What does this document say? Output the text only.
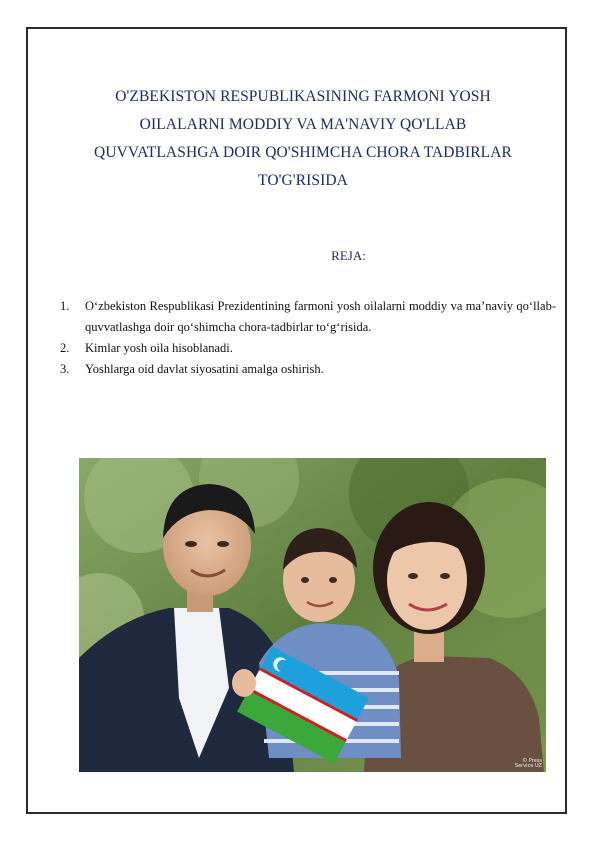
O'ZBEKISTON RESPUBLIKASINING FARMONI YOSH
OILALARNI MODDIY VA MA'NAVIY QO'LLAB
QUVVATLASHGA DOIR QO'SHIMCHA CHORA TADBIRLAR
TO'G'RISIDA
REJA:
1. O‘zbekiston Respublikasi Prezidentining farmoni yosh oilalarni moddiy va ma’naviy qo‘llab-quvvatlashga doir qo‘shimcha chora-tadbirlar to‘g‘risida.
2. Kimlar yosh oila hisoblanadi.
3. Yoshlarga oid davlat siyosatini amalga oshirish.
© Press
Service UZ
